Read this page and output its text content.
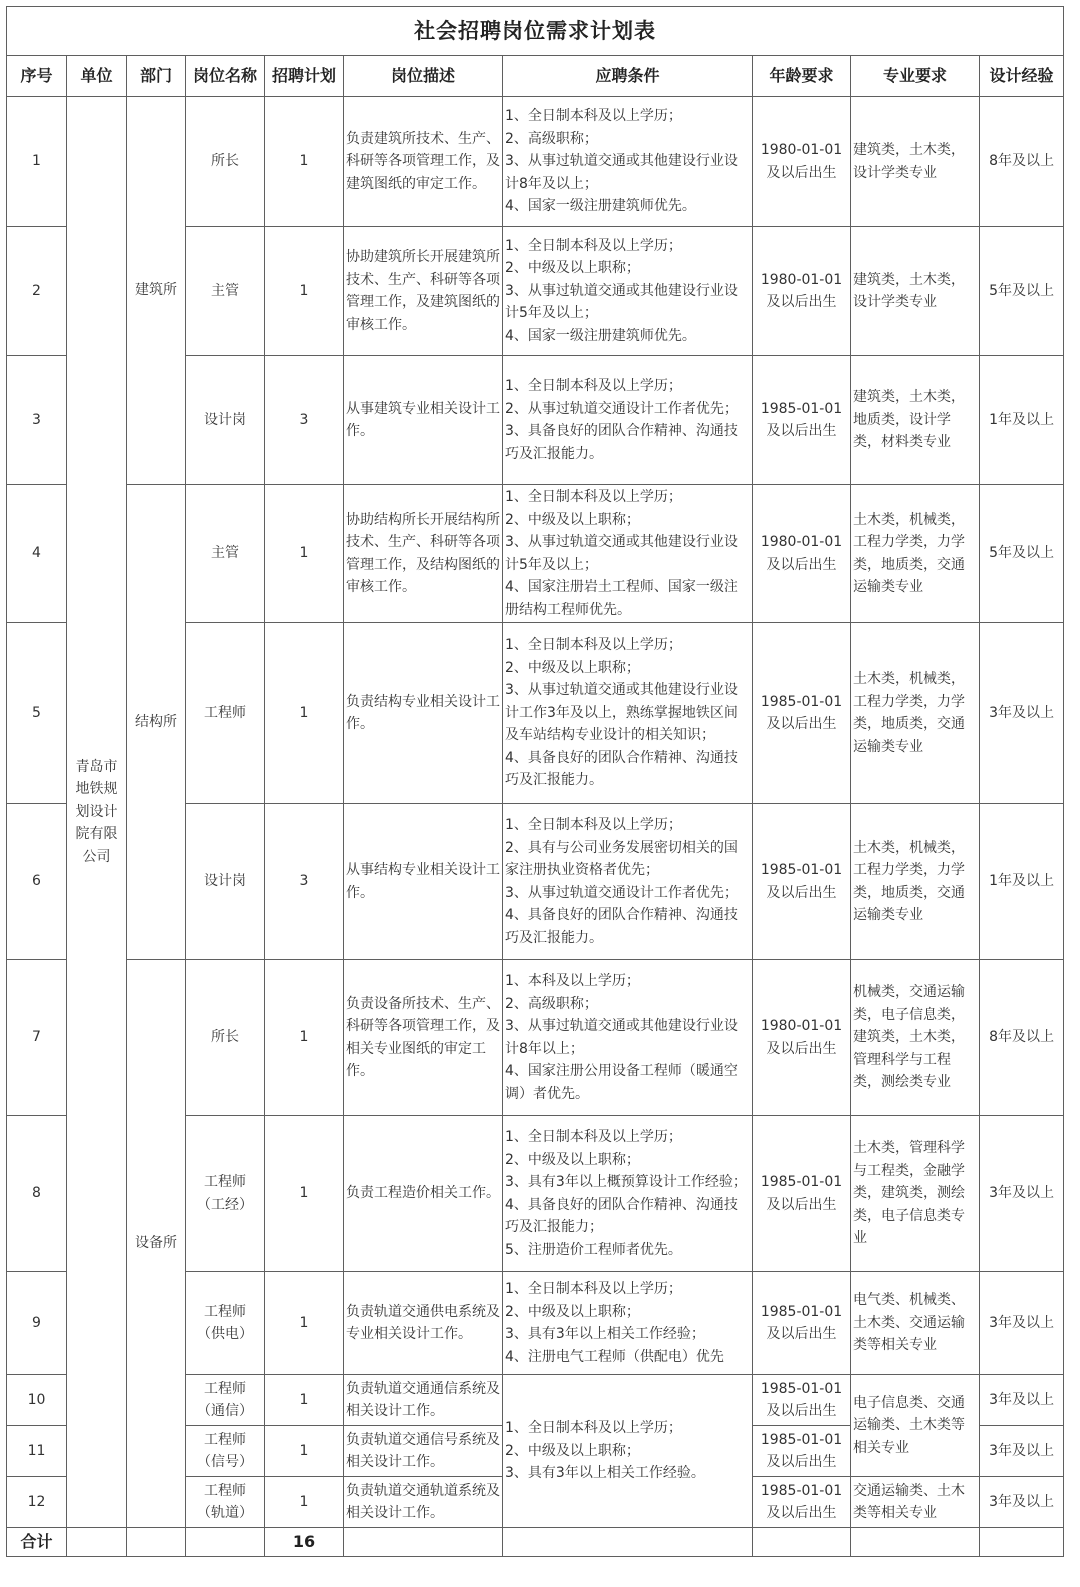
社会招聘岗位需求计划表									
序号	单位	部门	岗位名称	招聘计划	岗位描述	应聘条件	年龄要求	专业要求	设计经验
1	青岛市地铁规划设计院有限公司	建筑所	所长	1	负责建筑所技术、生产、科研等各项管理工作，及建筑图纸的审定工作。	1、全日制本科及以上学历；
2、高级职称；
3、从事过轨道交通或其他建设行业设计8年及以上；
4、国家一级注册建筑师优先。	1980-01-01
及以后出生	建筑类，土木类，设计学类专业	8年及以上
2			主管	1	协助建筑所长开展建筑所技术、生产、科研等各项管理工作，及建筑图纸的审核工作。	1、全日制本科及以上学历；
2、中级及以上职称；
3、从事过轨道交通或其他建设行业设计5年及以上；
4、国家一级注册建筑师优先。	1980-01-01
及以后出生	建筑类，土木类，设计学类专业	5年及以上
3			设计岗	3	从事建筑专业相关设计工作。	1、全日制本科及以上学历；
2、从事过轨道交通设计工作者优先；
3、具备良好的团队合作精神、沟通技巧及汇报能力。	1985-01-01
及以后出生	建筑类，土木类，地质类，设计学类，材料类专业	1年及以上
4		结构所	主管	1	协助结构所长开展结构所技术、生产、科研等各项管理工作，及结构图纸的审核工作。	1、全日制本科及以上学历；
2、中级及以上职称；
3、从事过轨道交通或其他建设行业设计5年及以上；
4、国家注册岩土工程师、国家一级注册结构工程师优先。	1980-01-01
及以后出生	土木类，机械类，工程力学类，力学类，地质类，交通运输类专业	5年及以上
5			工程师	1	负责结构专业相关设计工作。	1、全日制本科及以上学历；
2、中级及以上职称；
3、从事过轨道交通或其他建设行业设计工作3年及以上，熟练掌握地铁区间及车站结构专业设计的相关知识；
4、具备良好的团队合作精神、沟通技巧及汇报能力。	1985-01-01
及以后出生	土木类，机械类，工程力学类，力学类，地质类，交通运输类专业	3年及以上
6			设计岗	3	从事结构专业相关设计工作。	1、全日制本科及以上学历；
2、具有与公司业务发展密切相关的国家注册执业资格者优先；
3、从事过轨道交通设计工作者优先；
4、具备良好的团队合作精神、沟通技巧及汇报能力。	1985-01-01
及以后出生	土木类，机械类，工程力学类，力学类，地质类，交通运输类专业	1年及以上
7		设备所	所长	1	负责设备所技术、生产、科研等各项管理工作，及相关专业图纸的审定工作。	1、本科及以上学历；
2、高级职称；
3、从事过轨道交通或其他建设行业设计8年以上；
4、国家注册公用设备工程师（暖通空调）者优先。	1980-01-01
及以后出生	机械类，交通运输类，电子信息类，建筑类，土木类，管理科学与工程类，测绘类专业	8年及以上
8			工程师
（工经）	1	负责工程造价相关工作。	1、全日制本科及以上学历；
2、中级及以上职称；
3、具有3年以上概预算设计工作经验；
4、具备良好的团队合作精神、沟通技巧及汇报能力；
5、注册造价工程师者优先。	1985-01-01
及以后出生	土木类，管理科学与工程类，金融学类，建筑类，测绘类，电子信息类专业	3年及以上
9			工程师
（供电）	1	负责轨道交通供电系统及专业相关设计工作。	1、全日制本科及以上学历；
2、中级及以上职称；
3、具有3年以上相关工作经验；
4、注册电气工程师（供配电）优先	1985-01-01
及以后出生	电气类、机械类、土木类、交通运输类等相关专业	3年及以上
10			工程师
（通信）	1	负责轨道交通通信系统及相关设计工作。	1、全日制本科及以上学历；
2、中级及以上职称；
3、具有3年以上相关工作经验。	1985-01-01
及以后出生	电子信息类、交通运输类、土木类等相关专业	3年及以上
11			工程师
（信号）	1	负责轨道交通信号系统及相关设计工作。		1985-01-01
及以后出生		3年及以上
12			工程师
（轨道）	1	负责轨道交通轨道系统及相关设计工作。		1985-01-01
及以后出生	交通运输类、土木类等相关专业	3年及以上
合计				16					
